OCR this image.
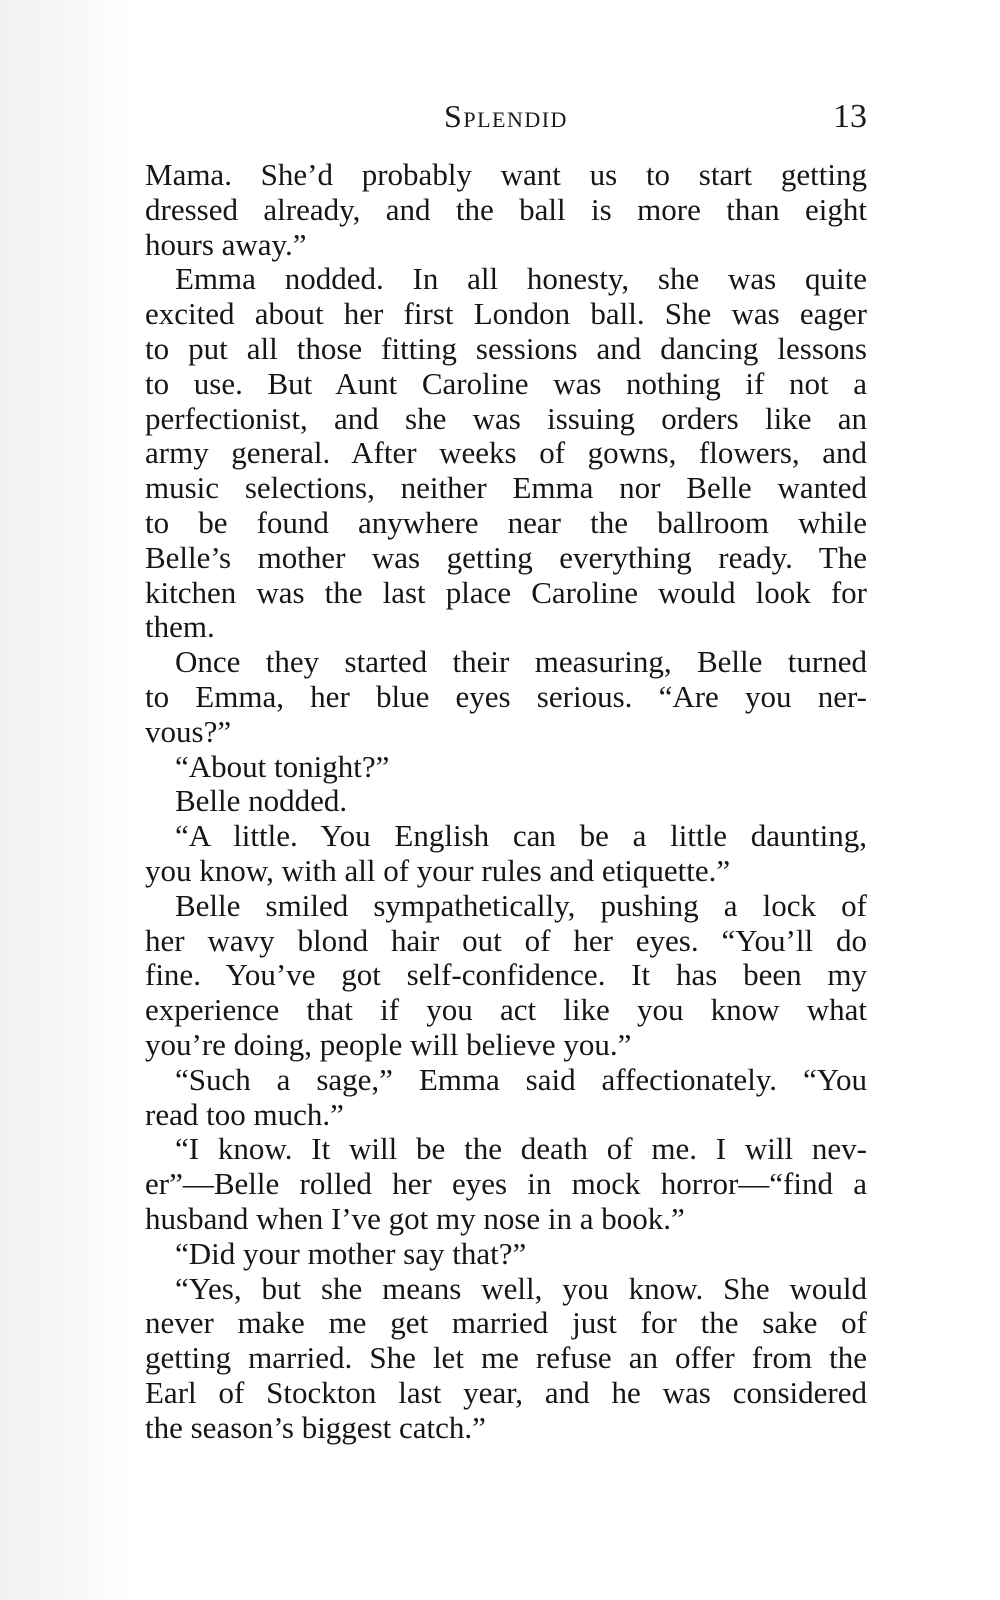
Splendid	13
Mama. She’d probably want us to start getting
dressed already, and the ball is more than eight
hours away.”
Emma nodded. In all honesty, she was quite
excited about her first London ball. She was eager
to put all those fitting sessions and dancing lessons
to use. But Aunt Caroline was nothing if not a
perfectionist, and she was issuing orders like an
army general. After weeks of gowns, flowers, and
music selections, neither Emma nor Belle wanted
to be found anywhere near the ballroom while
Belle’s mother was getting everything ready. The
kitchen was the last place Caroline would look for
them.
Once they started their measuring, Belle turned
to Emma, her blue eyes serious. “Are you ner-
vous?”
“About tonight?”
Belle nodded.
“A little. You English can be a little daunting,
you know, with all of your rules and etiquette.”
Belle smiled sympathetically, pushing a lock of
her wavy blond hair out of her eyes. “You’ll do
fine. You’ve got self-confidence. It has been my
experience that if you act like you know what
you’re doing, people will believe you.”
“Such a sage,” Emma said affectionately. “You
read too much.”
“I know. It will be the death of me. I will nev-
er”—Belle rolled her eyes in mock horror—“find a
husband when I’ve got my nose in a book.”
“Did your mother say that?”
“Yes, but she means well, you know. She would
never make me get married just for the sake of
getting married. She let me refuse an offer from the
Earl of Stockton last year, and he was considered
the season’s biggest catch.”
